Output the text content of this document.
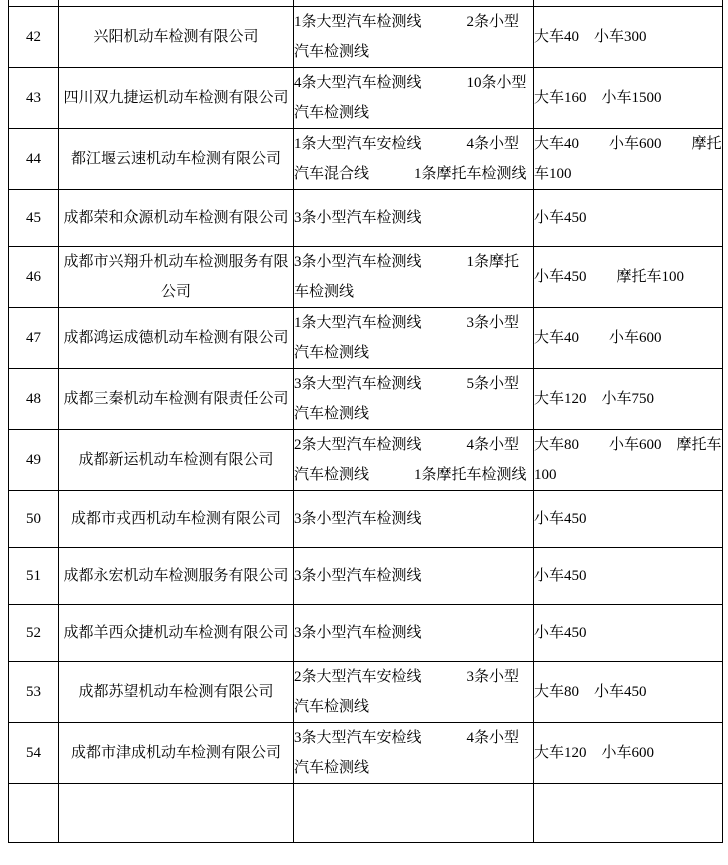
42	兴阳机动车检测有限公司	1条大型汽车检测线　　　2条小型汽车检测线	大车40　小车300
43	四川双九捷运机动车检测有限公司	4条大型汽车检测线　　　10条小型汽车检测线	大车160　小车1500
44	都江堰云速机动车检测有限公司	1条大型汽车安检线　　　4条小型汽车混合线　　　1条摩托车检测线	大车40　　小车600　　摩托车100
45	成都荣和众源机动车检测有限公司	3条小型汽车检测线	小车450
46	成都市兴翔升机动车检测服务有限公司	3条小型汽车检测线　　　1条摩托车检测线	小车450　　摩托车100
47	成都鸿运成德机动车检测有限公司	1条大型汽车检测线　　　3条小型汽车检测线	大车40　　小车600
48	成都三秦机动车检测有限责任公司	3条大型汽车检测线　　　5条小型汽车检测线	大车120　小车750
49	成都新运机动车检测有限公司	2条大型汽车检测线　　　4条小型汽车检测线　　　1条摩托车检测线	大车80　　小车600　摩托车100
50	成都市戎西机动车检测有限公司	3条小型汽车检测线	小车450
51	成都永宏机动车检测服务有限公司	3条小型汽车检测线	小车450
52	成都羊西众捷机动车检测有限公司	3条小型汽车检测线	小车450
53	成都苏望机动车检测有限公司	2条大型汽车安检线　　　3条小型汽车检测线	大车80　小车450
54	成都市津成机动车检测有限公司	3条大型汽车安检线　　　4条小型汽车检测线	大车120　小车600
